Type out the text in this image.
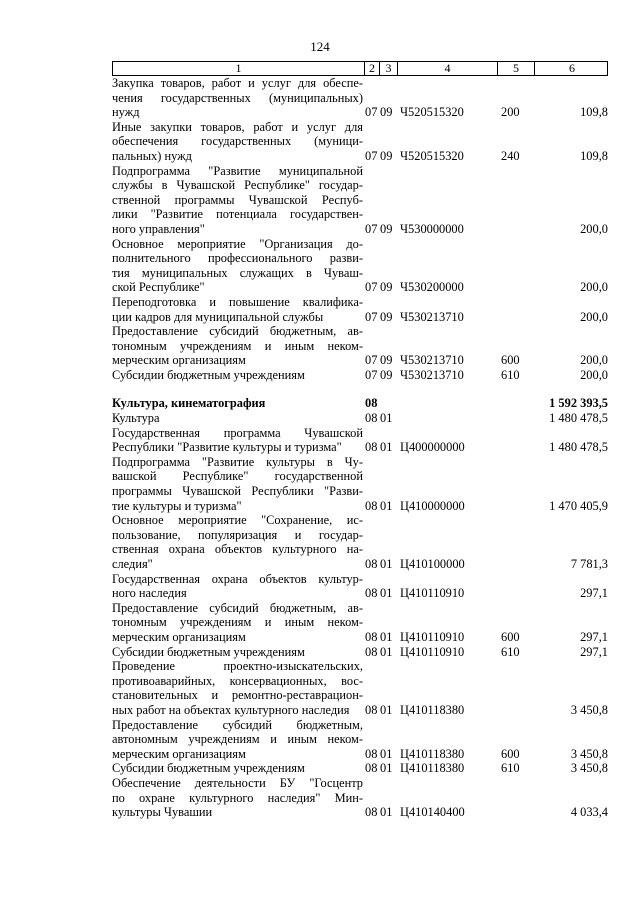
124
1	2 3	4	5	6
Закупка товаров, работ и услуг для обеспе-
чения государственных (муниципальных)
нужд	07 09 Ч520515320	200	109,8
Иные закупки товаров, работ и услуг для
обеспечения государственных (муници-
пальных) нужд	07 09 Ч520515320	240	109,8
Подпрограмма "Развитие муниципальной
службы в Чувашской Республике" государ-
ственной программы Чувашской Респуб-
лики "Развитие потенциала государствен-
ного управления"	07 09 Ч530000000	200,0
Основное мероприятие "Организация до-
полнительного профессионального разви-
тия муниципальных служащих в Чуваш-
ской Республике"	07 09 Ч530200000	200,0
Переподготовка и повышение квалифика-
ции кадров для муниципальной службы	07 09 Ч530213710	200,0
Предоставление субсидий бюджетным, ав-
тономным учреждениям и иным неком-
мерческим организациям	07 09 Ч530213710	600	200,0
Субсидии бюджетным учреждениям	07 09 Ч530213710	610	200,0
Культура, кинематография	08	1 592 393,5
Культура	08 01	1 480 478,5
Государственная программа Чувашской
Республики "Развитие культуры и туризма"	08 01 Ц400000000	1 480 478,5
Подпрограмма "Развитие культуры в Чу-
вашской Республике" государственной
программы Чувашской Республики "Разви-
тие культуры и туризма"	08 01 Ц410000000	1 470 405,9
Основное мероприятие "Сохранение, ис-
пользование, популяризация и государ-
ственная охрана объектов культурного на-
следия"	08 01 Ц410100000	7 781,3
Государственная охрана объектов культур-
ного наследия	08 01 Ц410110910	297,1
Предоставление субсидий бюджетным, ав-
тономным учреждениям и иным неком-
мерческим организациям	08 01 Ц410110910	600	297,1
Субсидии бюджетным учреждениям	08 01 Ц410110910	610	297,1
Проведение проектно-изыскательских,
противоаварийных, консервационных, вос-
становительных и ремонтно-реставрацион-
ных работ на объектах культурного наследия	08 01 Ц410118380	3 450,8
Предоставление субсидий бюджетным,
автономным учреждениям и иным неком-
мерческим организациям	08 01 Ц410118380	600	3 450,8
Субсидии бюджетным учреждениям	08 01 Ц410118380	610	3 450,8
Обеспечение деятельности БУ "Госцентр
по охране культурного наследия" Мин-
культуры Чувашии	08 01 Ц410140400	4 033,4
